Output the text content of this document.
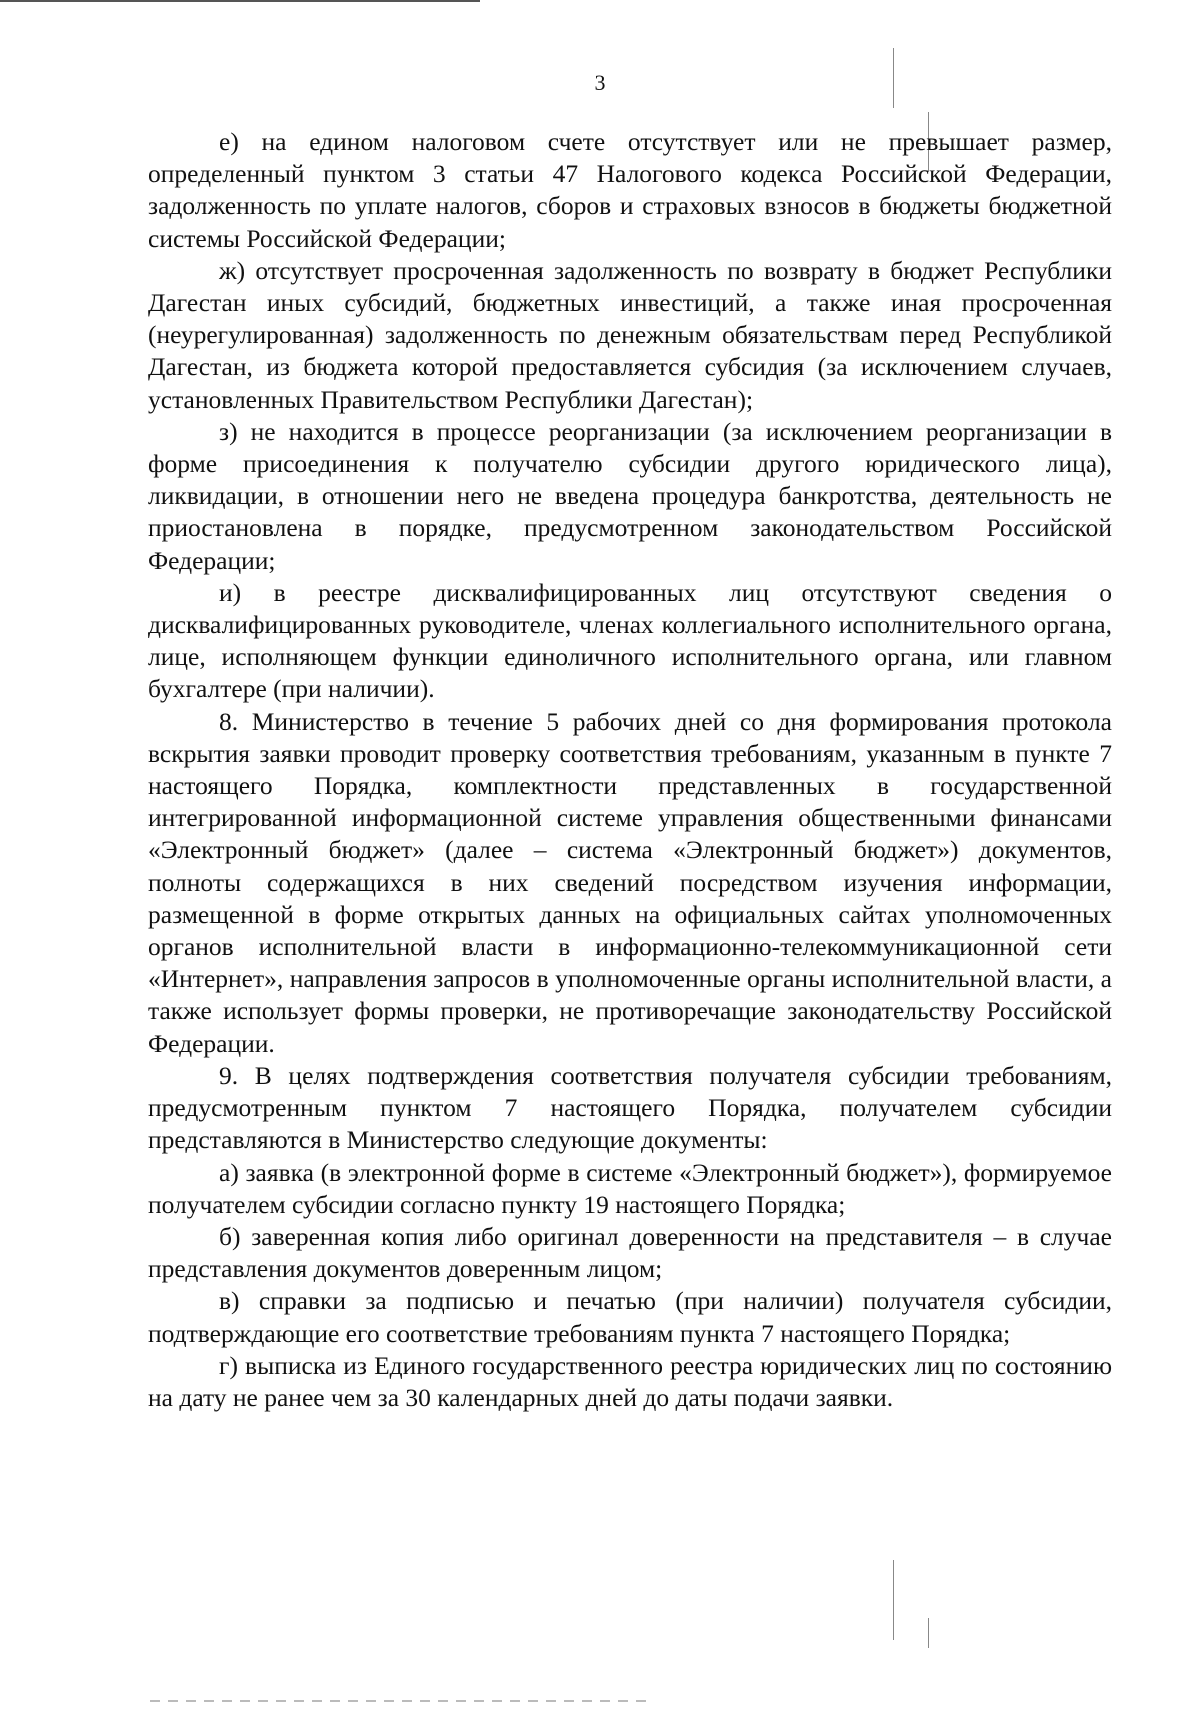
3

е) на едином налоговом счете отсутствует или не превышает размер, определенный пунктом 3 статьи 47 Налогового кодекса Российской Федерации, задолженность по уплате налогов, сборов и страховых взносов в бюджеты бюджетной системы Российской Федерации;

ж) отсутствует просроченная задолженность по возврату в бюджет Республики Дагестан иных субсидий, бюджетных инвестиций, а также иная просроченная (неурегулированная) задолженность по денежным обязательствам перед Республикой Дагестан, из бюджета которой предоставляется субсидия (за исключением случаев, установленных Правительством Республики Дагестан);

з) не находится в процессе реорганизации (за исключением реорганизации в форме присоединения к получателю субсидии другого юридического лица), ликвидации, в отношении него не введена процедура банкротства, деятельность не приостановлена в порядке, предусмотренном законодательством Российской Федерации;

и) в реестре дисквалифицированных лиц отсутствуют сведения о дисквалифицированных руководителе, членах коллегиального исполнительного органа, лице, исполняющем функции единоличного исполнительного органа, или главном бухгалтере (при наличии).

8. Министерство в течение 5 рабочих дней со дня формирования протокола вскрытия заявки проводит проверку соответствия требованиям, указанным в пункте 7 настоящего Порядка, комплектности представленных в государственной интегрированной информационной системе управления общественными финансами «Электронный бюджет» (далее – система «Электронный бюджет») документов, полноты содержащихся в них сведений посредством изучения информации, размещенной в форме открытых данных на официальных сайтах уполномоченных органов исполнительной власти в информационно-телекоммуникационной сети «Интернет», направления запросов в уполномоченные органы исполнительной власти, а также использует формы проверки, не противоречащие законодательству Российской Федерации.

9. В целях подтверждения соответствия получателя субсидии требованиям, предусмотренным пунктом 7 настоящего Порядка, получателем субсидии представляются в Министерство следующие документы:

а) заявка (в электронной форме в системе «Электронный бюджет»), формируемое получателем субсидии согласно пункту 19 настоящего Порядка;

б) заверенная копия либо оригинал доверенности на представителя – в случае представления документов доверенным лицом;

в) справки за подписью и печатью (при наличии) получателя субсидии, подтверждающие его соответствие требованиям пункта 7 настоящего Порядка;

г) выписка из Единого государственного реестра юридических лиц по состоянию на дату не ранее чем за 30 календарных дней до даты подачи заявки.
